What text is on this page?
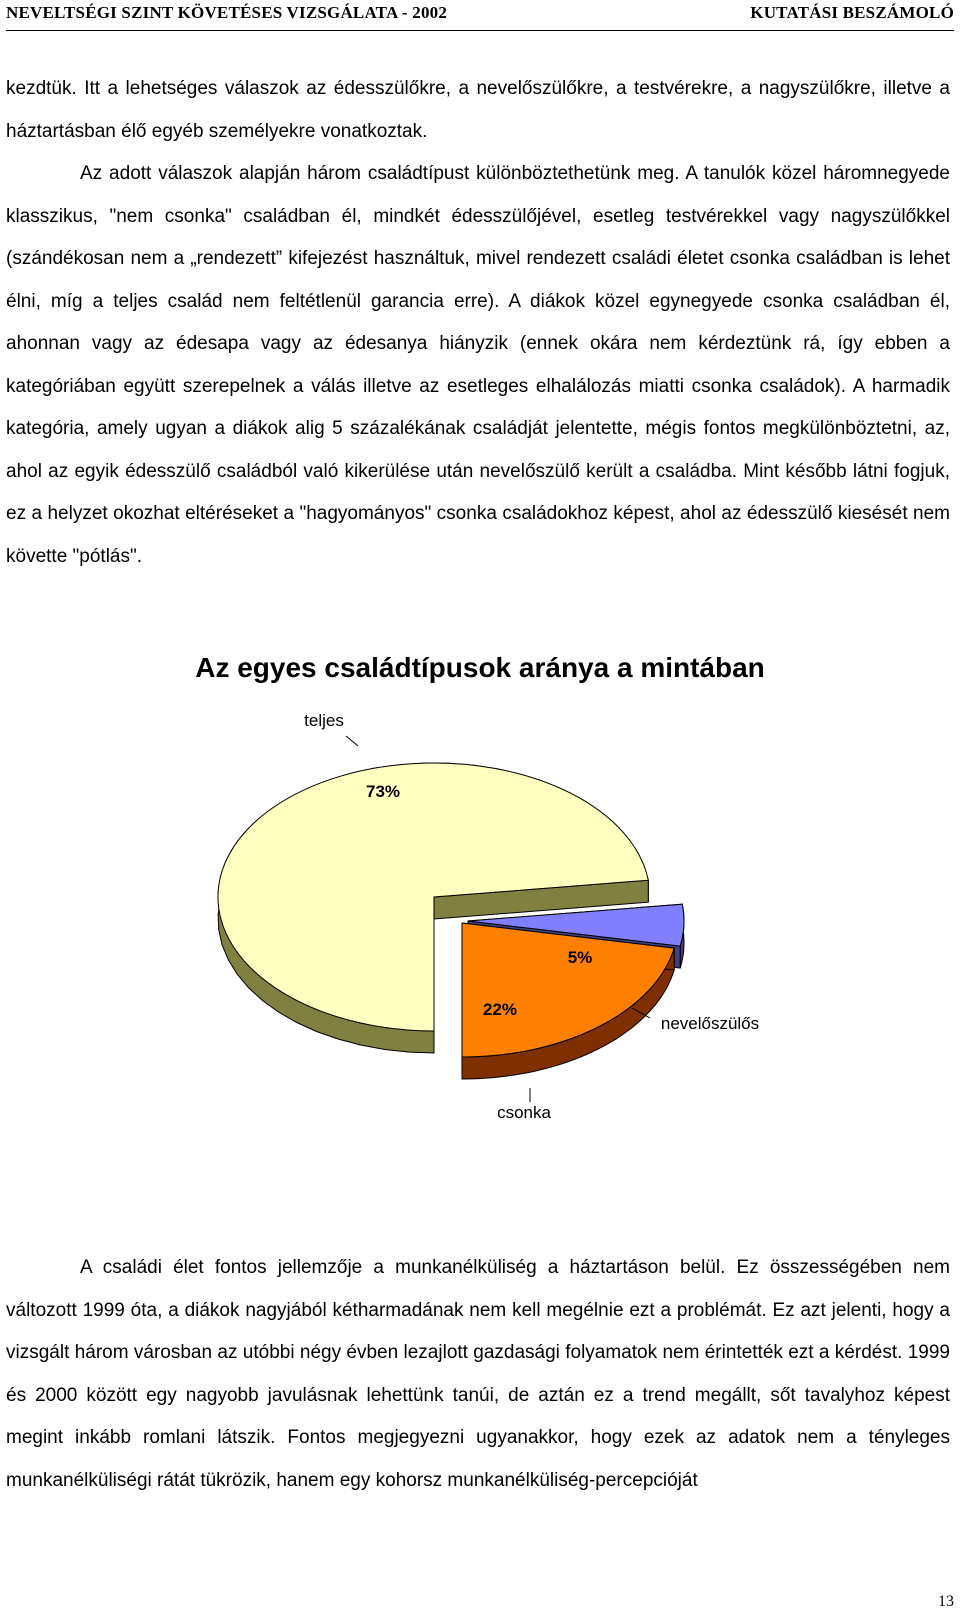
NEVELTSÉGI SZINT KÖVETÉSES VIZSGÁLATA - 2002	KUTATÁSI BESZÁMOLÓ
kezdtük. Itt a lehetséges válaszok az édesszülőkre, a nevelőszülőkre, a testvérekre, a nagyszülőkre, illetve a háztartásban élő egyéb személyekre vonatkoztak.
Az adott válaszok alapján három családtípust különböztethetünk meg. A tanulók közel háromnegyede klasszikus, "nem csonka" családban él, mindkét édesszülőjével, esetleg testvérekkel vagy nagyszülőkkel (szándékosan nem a „rendezett” kifejezést használtuk, mivel rendezett családi életet csonka családban is lehet élni, míg a teljes család nem feltétlenül garancia erre). A diákok közel egynegyede csonka családban él, ahonnan vagy az édesapa vagy az édesanya hiányzik (ennek okára nem kérdeztünk rá, így ebben a kategóriában együtt szerepelnek a válás illetve az esetleges elhalálozás miatti csonka családok). A harmadik kategória, amely ugyan a diákok alig 5 százalékának családját jelentette, mégis fontos megkülönböztetni, az, ahol az egyik édesszülő családból való kikerülése után nevelőszülő került a családba. Mint később látni fogjuk, ez a helyzet okozhat eltéréseket a "hagyományos" csonka családokhoz képest, ahol az édesszülő kiesését nem követte "pótlás".
Az egyes családtípusok aránya a mintában
teljes
73%
nevelőszülős
5%
csonka
22%
A családi élet fontos jellemzője a munkanélküliség a háztartáson belül. Ez összességében nem változott 1999 óta, a diákok nagyjából kétharmadának nem kell megélnie ezt a problémát. Ez azt jelenti, hogy a vizsgált három városban az utóbbi négy évben lezajlott gazdasági folyamatok nem érintették ezt a kérdést. 1999 és 2000 között egy nagyobb javulásnak lehettünk tanúi, de aztán ez a trend megállt, sőt tavalyhoz képest megint inkább romlani látszik. Fontos megjegyezni ugyanakkor, hogy ezek az adatok nem a tényleges munkanélküliségi rátát tükrözik, hanem egy kohorsz munkanélküliség-percepcióját
13
